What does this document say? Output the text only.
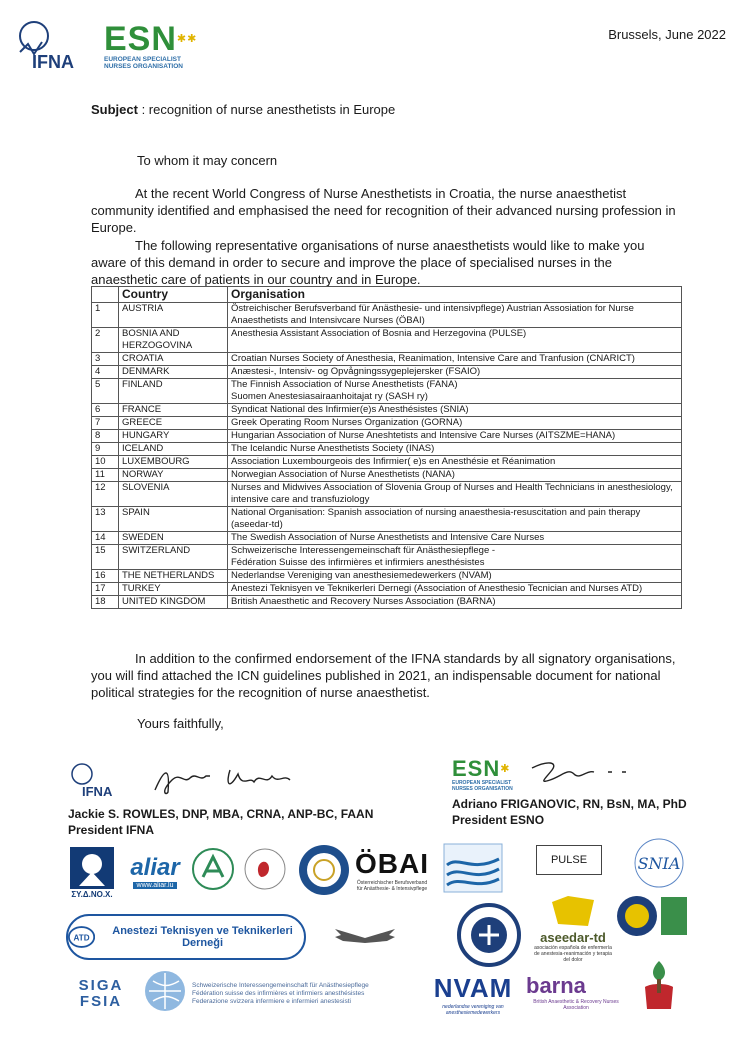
IFNA
ESN✱✱
EUROPEAN SPECIALIST
NURSES ORGANISATION
Brussels, June 2022
Subject : recognition of nurse anesthetists in Europe
To whom it may concern
At the recent World Congress of Nurse Anesthetists in Croatia, the nurse anaesthetist community identified and emphasised the need for recognition of their advanced nursing profession in Europe.
The following representative organisations of nurse anaesthetists would like to make you aware of this demand in order to secure and improve the place of specialised nurses in the anaesthetic care of patients in our country and in Europe.
	Country	Organisation
1	AUSTRIA	Östreichischer Berufsverband für Anästhesie- und intensivpflege) Austrian Assosiation for Nurse Anaesthetists and Intensivcare Nurses (ÖBAI)
2	BOSNIA AND HERZOGOVINA	Anesthesia Assistant Association of Bosnia and Herzegovina (PULSE)
3	CROATIA	Croatian Nurses Society of Anesthesia, Reanimation, Intensive Care and Tranfusion (CNARICT)
4	DENMARK	Anæstesi-, Intensiv- og Opvågningssygeplejersker (FSAIO)
5	FINLAND	The Finnish Association of Nurse Anesthetists (FANA)
Suomen Anestesiasairaanhoitajat ry (SASH ry)
6	FRANCE	Syndicat National des Infirmier(e)s Anesthésistes (SNIA)
7	GREECE	Greek Operating Room Nurses Organization (GORNA)
8	HUNGARY	Hungarian Association of Nurse Aneshtetists and Intensive Care Nurses (AITSZME=HANA)
9	ICELAND	The Icelandic Nurse Anesthetists Society (INAS)
10	LUXEMBOURG	Association Luxembourgeois des Infirmier( e)s en Anesthésie et Réanimation
11	NORWAY	Norwegian Association of Nurse Anesthetists (NANA)
12	SLOVENIA	Nurses and Midwives Association of Slovenia Group of Nurses and Health Technicians in anesthesiology, intensive care and transfuziology
13	SPAIN	National Organisation: Spanish association of nursing anaesthesia-resuscitation and pain therapy (aseedar-td)
14	SWEDEN	The Swedish Association of Nurse Anesthetists and Intensive Care Nurses
15	SWITZERLAND	Schweizerische Interessengemeinschaft für Anästhesiepflege -
Fédération Suisse des infirmières et infirmiers anesthésistes
16	THE NETHERLANDS	Nederlandse Vereniging van anesthesiemedewerkers (NVAM)
17	TURKEY	Anestezi Teknisyen ve Teknikerleri Dernegi (Association of Anesthesio Tecnician and Nurses ATD)
18	UNITED KINGDOM	British Anaesthetic and Recovery Nurses Association (BARNA)
In addition to the confirmed endorsement of the IFNA standards by all signatory organisations, you will find attached the ICN guidelines published in 2021, an indispensable document for national political strategies for the recognition of nurse anaesthetist.
Yours faithfully,
IFNA
ESN✱
EUROPEAN SPECIALIST
NURSES ORGANISATION
Jackie S. ROWLES, DNP, MBA, CRNA, ANP-BC, FAAN
President IFNA
Adriano FRIGANOVIC, RN, BsN, MA, PhD
President ESNO
ΣΥ.Δ.ΝΟ.Χ.
aliar
www.aliar.lu
ÖBAI
Österreichischer Berufsverband für Anästhesie- & Intensivpflege
PULSE	SNIA
ATD
Anestezi Teknisyen ve Teknikerleri Derneği	aseedar-td
asociación española de enfermería de anestesia-reanimación y terapia del dolor
SIGA
FSIA
Schweizerische Interessengemeinschaft für Anästhesiepflege
Fédération suisse des infirmières et infirmiers anesthésistes
Federazione svizzera infermiere e infermieri anestesisti	NVAM
nederlandse vereniging van anesthesiemedewerkers
barna
British Anaesthetic & Recovery Nurses Association
